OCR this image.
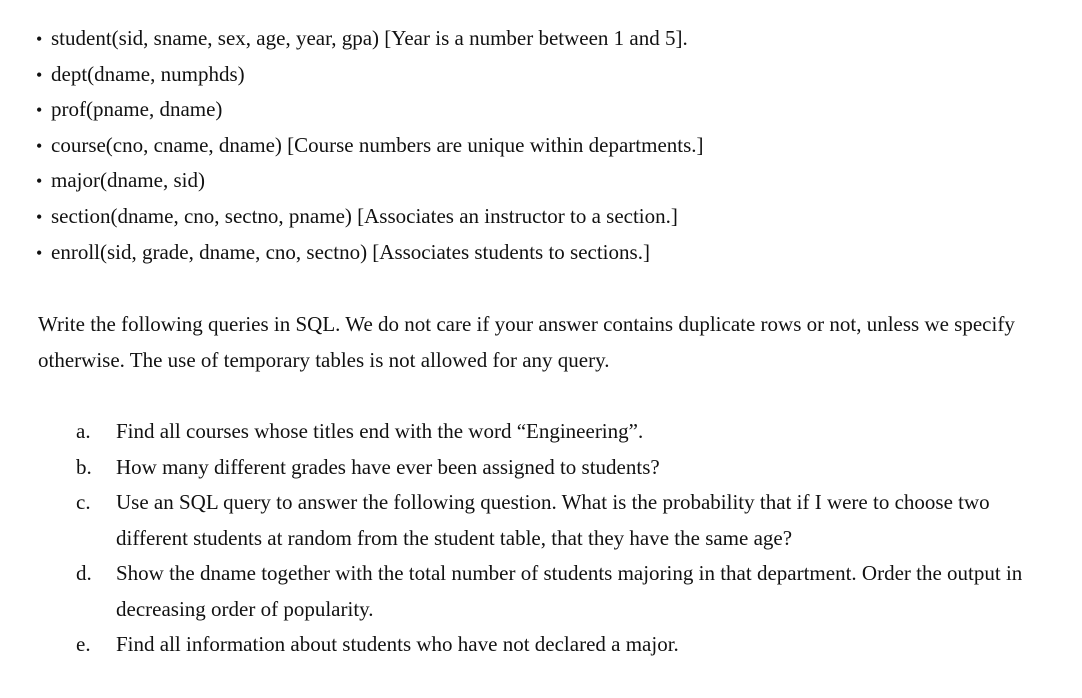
• student(sid, sname, sex, age, year, gpa) [Year is a number between 1 and 5].
• dept(dname, numphds)
• prof(pname, dname)
• course(cno, cname, dname) [Course numbers are unique within departments.]
• major(dname, sid)
• section(dname, cno, sectno, pname) [Associates an instructor to a section.]
• enroll(sid, grade, dname, cno, sectno) [Associates students to sections.]

Write the following queries in SQL. We do not care if your answer contains duplicate rows or not, unless we specify otherwise. The use of temporary tables is not allowed for any query.

a.	Find all courses whose titles end with the word “Engineering”.
b.	How many different grades have ever been assigned to students?
c.	Use an SQL query to answer the following question. What is the probability that if I were to choose two different students at random from the student table, that they have the same age?
d.	Show the dname together with the total number of students majoring in that department. Order the output in decreasing order of popularity.
e.	Find all information about students who have not declared a major.
